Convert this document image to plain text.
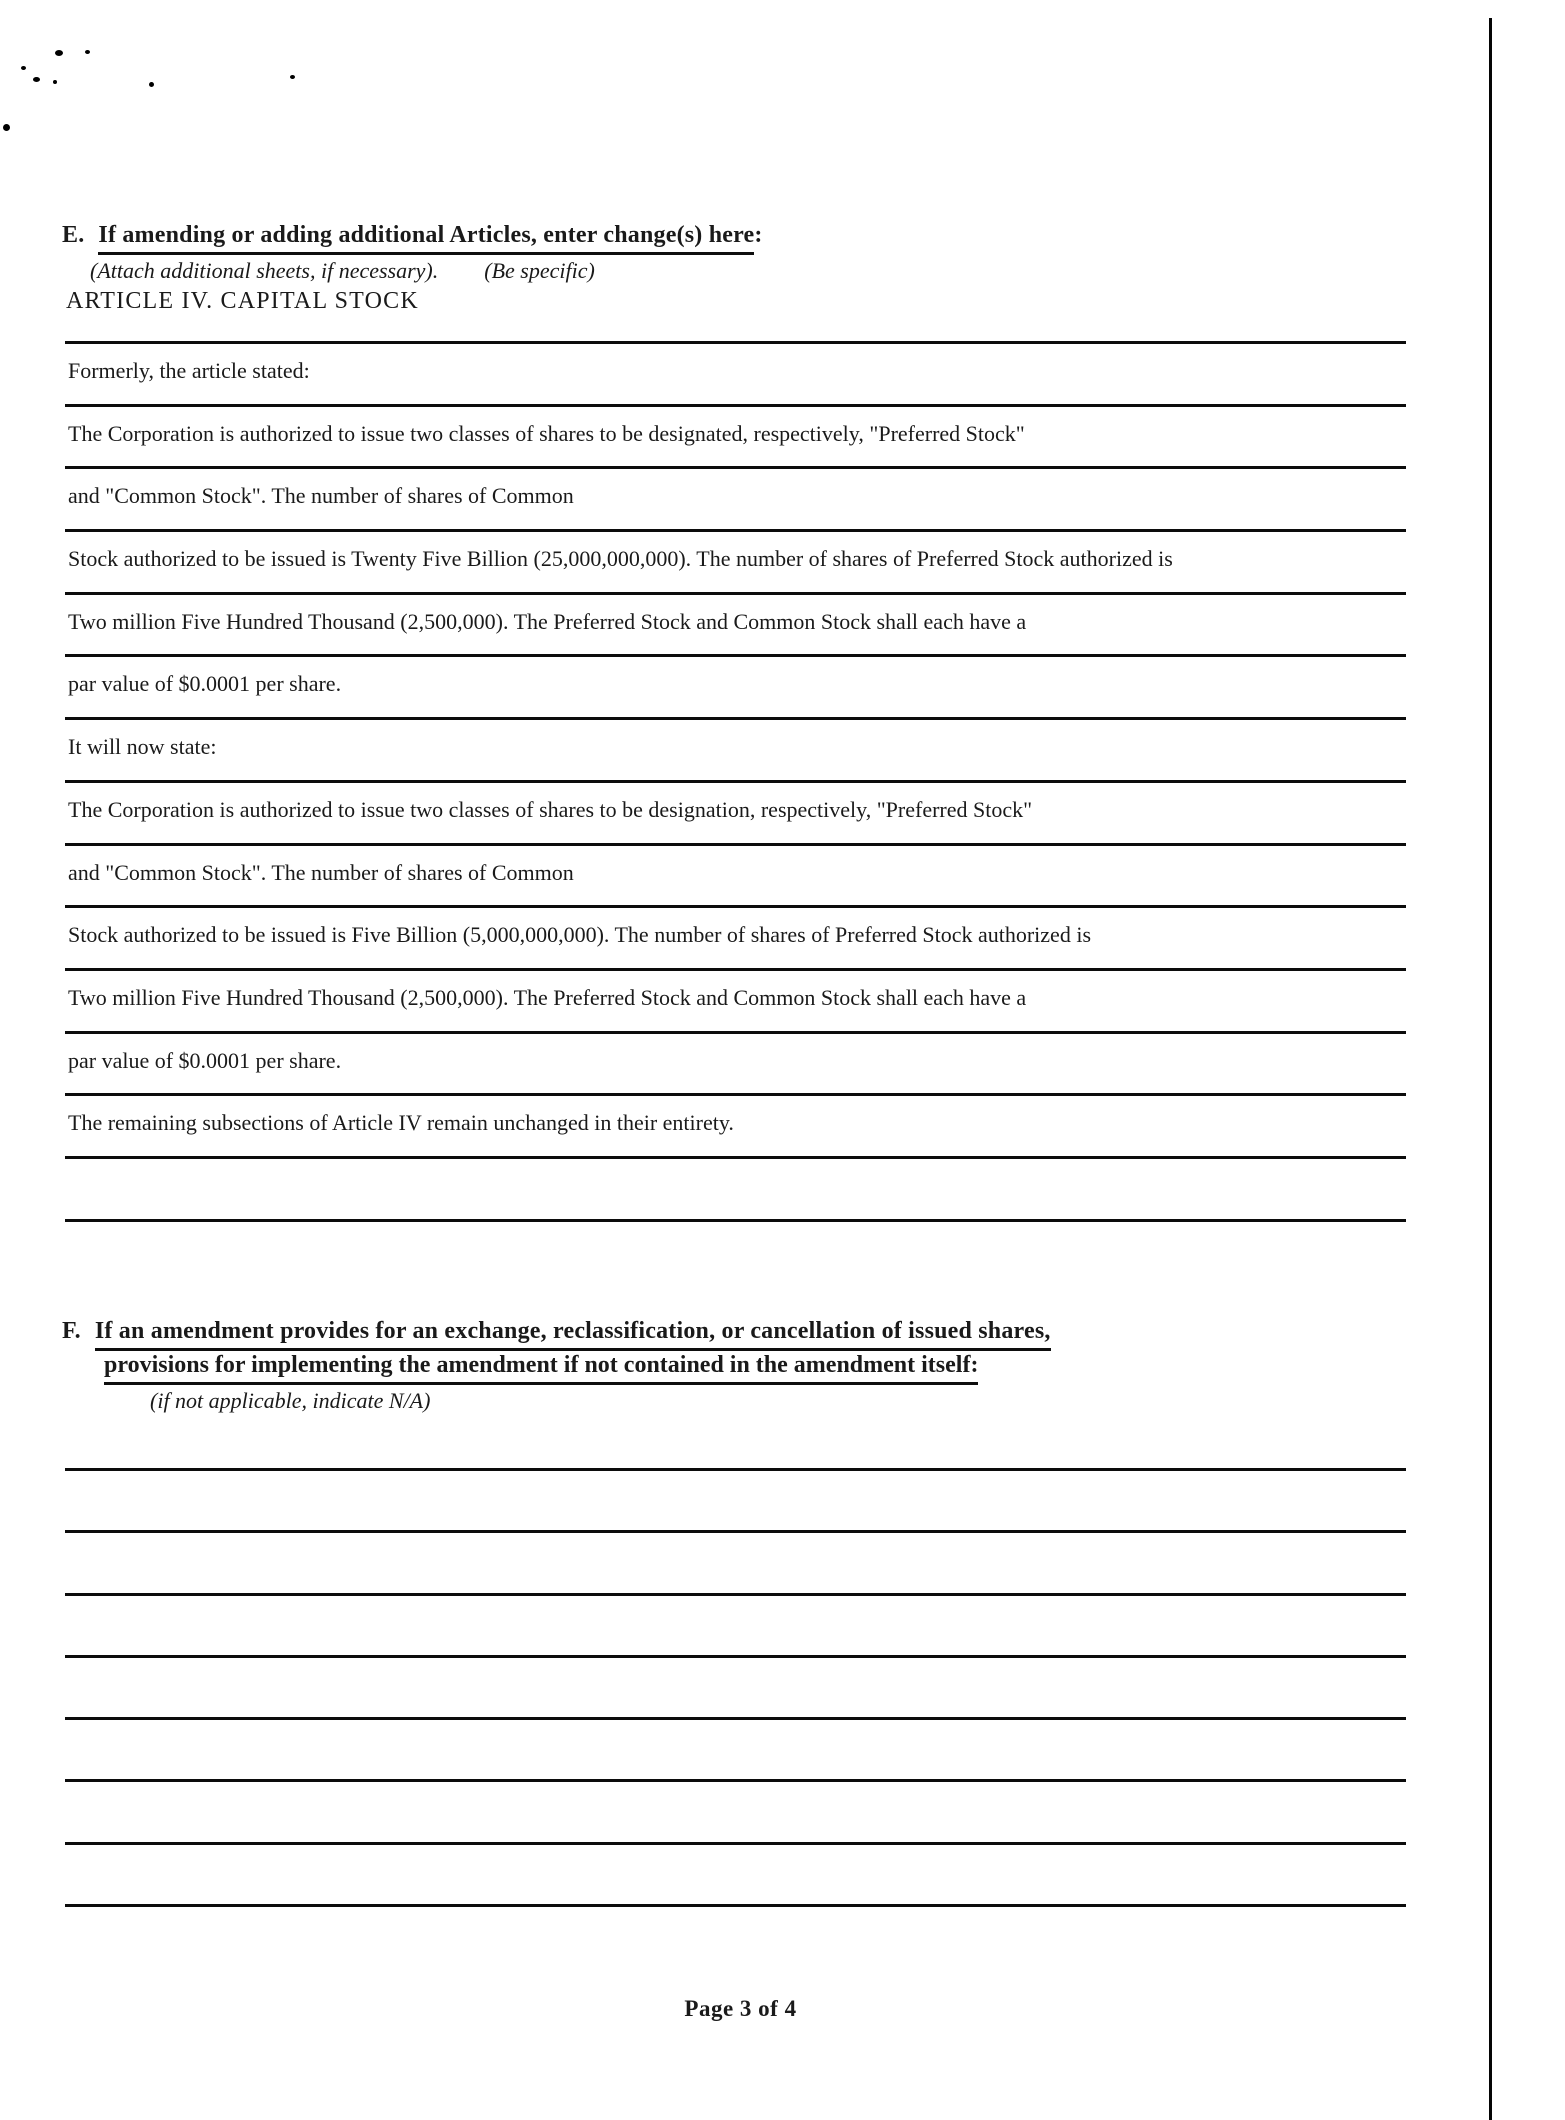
E. If amending or adding additional Articles, enter change(s) here:
(Attach additional sheets, if necessary). (Be specific)
ARTICLE IV. CAPITAL STOCK
Formerly, the article stated:
The Corporation is authorized to issue two classes of shares to be designated, respectively, "Preferred Stock"
and "Common Stock". The number of shares of Common
Stock authorized to be issued is Twenty Five Billion (25,000,000,000). The number of shares of Preferred Stock authorized is
Two million Five Hundred Thousand (2,500,000). The Preferred Stock and Common Stock shall each have a
par value of $0.0001 per share.
It will now state:
The Corporation is authorized to issue two classes of shares to be designation, respectively, "Preferred Stock"
and "Common Stock". The number of shares of Common
Stock authorized to be issued is Five Billion (5,000,000,000). The number of shares of Preferred Stock authorized is
Two million Five Hundred Thousand (2,500,000). The Preferred Stock and Common Stock shall each have a
par value of $0.0001 per share.
The remaining subsections of Article IV remain unchanged in their entirety.
F. If an amendment provides for an exchange, reclassification, or cancellation of issued shares,
provisions for implementing the amendment if not contained in the amendment itself:
(if not applicable, indicate N/A)
Page 3 of 4
